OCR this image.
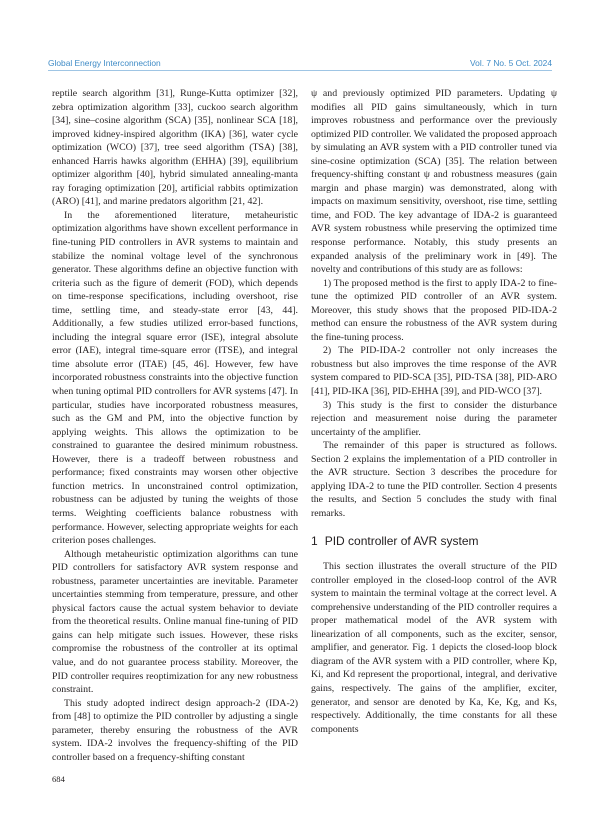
Global Energy Interconnection	Vol. 7 No. 5 Oct. 2024

reptile search algorithm [31], Runge-Kutta optimizer [32], zebra optimization algorithm [33], cuckoo search algorithm [34], sine–cosine algorithm (SCA) [35], nonlinear SCA [18], improved kidney-inspired algorithm (IKA) [36], water cycle optimization (WCO) [37], tree seed algorithm (TSA) [38], enhanced Harris hawks algorithm (EHHA) [39], equilibrium optimizer algorithm [40], hybrid simulated annealing-manta ray foraging optimization [20], artificial rabbits optimization (ARO) [41], and marine predators algorithm [21, 42].

In the aforementioned literature, metaheuristic optimization algorithms have shown excellent performance in fine-tuning PID controllers in AVR systems to maintain and stabilize the nominal voltage level of the synchronous generator. These algorithms define an objective function with criteria such as the figure of demerit (FOD), which depends on time-response specifications, including overshoot, rise time, settling time, and steady-state error [43, 44]. Additionally, a few studies utilized error-based functions, including the integral square error (ISE), integral absolute error (IAE), integral time-square error (ITSE), and integral time absolute error (ITAE) [45, 46]. However, few have incorporated robustness constraints into the objective function when tuning optimal PID controllers for AVR systems [47]. In particular, studies have incorporated robustness measures, such as the GM and PM, into the objective function by applying weights. This allows the optimization to be constrained to guarantee the desired minimum robustness. However, there is a tradeoff between robustness and performance; fixed constraints may worsen other objective function metrics. In unconstrained control optimization, robustness can be adjusted by tuning the weights of those terms. Weighting coefficients balance robustness with performance. However, selecting appropriate weights for each criterion poses challenges.

Although metaheuristic optimization algorithms can tune PID controllers for satisfactory AVR system response and robustness, parameter uncertainties are inevitable. Parameter uncertainties stemming from temperature, pressure, and other physical factors cause the actual system behavior to deviate from the theoretical results. Online manual fine-tuning of PID gains can help mitigate such issues. However, these risks compromise the robustness of the controller at its optimal value, and do not guarantee process stability. Moreover, the PID controller requires reoptimization for any new robustness constraint.

This study adopted indirect design approach-2 (IDA-2) from [48] to optimize the PID controller by adjusting a single parameter, thereby ensuring the robustness of the AVR system. IDA-2 involves the frequency-shifting of the PID controller based on a frequency-shifting constant

ψ and previously optimized PID parameters. Updating ψ modifies all PID gains simultaneously, which in turn improves robustness and performance over the previously optimized PID controller. We validated the proposed approach by simulating an AVR system with a PID controller tuned via sine-cosine optimization (SCA) [35]. The relation between frequency-shifting constant ψ and robustness measures (gain margin and phase margin) was demonstrated, along with impacts on maximum sensitivity, overshoot, rise time, settling time, and FOD. The key advantage of IDA-2 is guaranteed AVR system robustness while preserving the optimized time response performance. Notably, this study presents an expanded analysis of the preliminary work in [49]. The novelty and contributions of this study are as follows:

1) The proposed method is the first to apply IDA-2 to fine-tune the optimized PID controller of an AVR system. Moreover, this study shows that the proposed PID-IDA-2 method can ensure the robustness of the AVR system during the fine-tuning process.

2) The PID-IDA-2 controller not only increases the robustness but also improves the time response of the AVR system compared to PID-SCA [35], PID-TSA [38], PID-ARO [41], PID-IKA [36], PID-EHHA [39], and PID-WCO [37].

3) This study is the first to consider the disturbance rejection and measurement noise during the parameter uncertainty of the amplifier.

The remainder of this paper is structured as follows. Section 2 explains the implementation of a PID controller in the AVR structure. Section 3 describes the procedure for applying IDA-2 to tune the PID controller. Section 4 presents the results, and Section 5 concludes the study with final remarks.

1 PID controller of AVR system

This section illustrates the overall structure of the PID controller employed in the closed-loop control of the AVR system to maintain the terminal voltage at the correct level. A comprehensive understanding of the PID controller requires a proper mathematical model of the AVR system with linearization of all components, such as the exciter, sensor, amplifier, and generator. Fig. 1 depicts the closed-loop block diagram of the AVR system with a PID controller, where Kp, Ki, and Kd represent the proportional, integral, and derivative gains, respectively. The gains of the amplifier, exciter, generator, and sensor are denoted by Ka, Ke, Kg, and Ks, respectively. Additionally, the time constants for all these components

684
